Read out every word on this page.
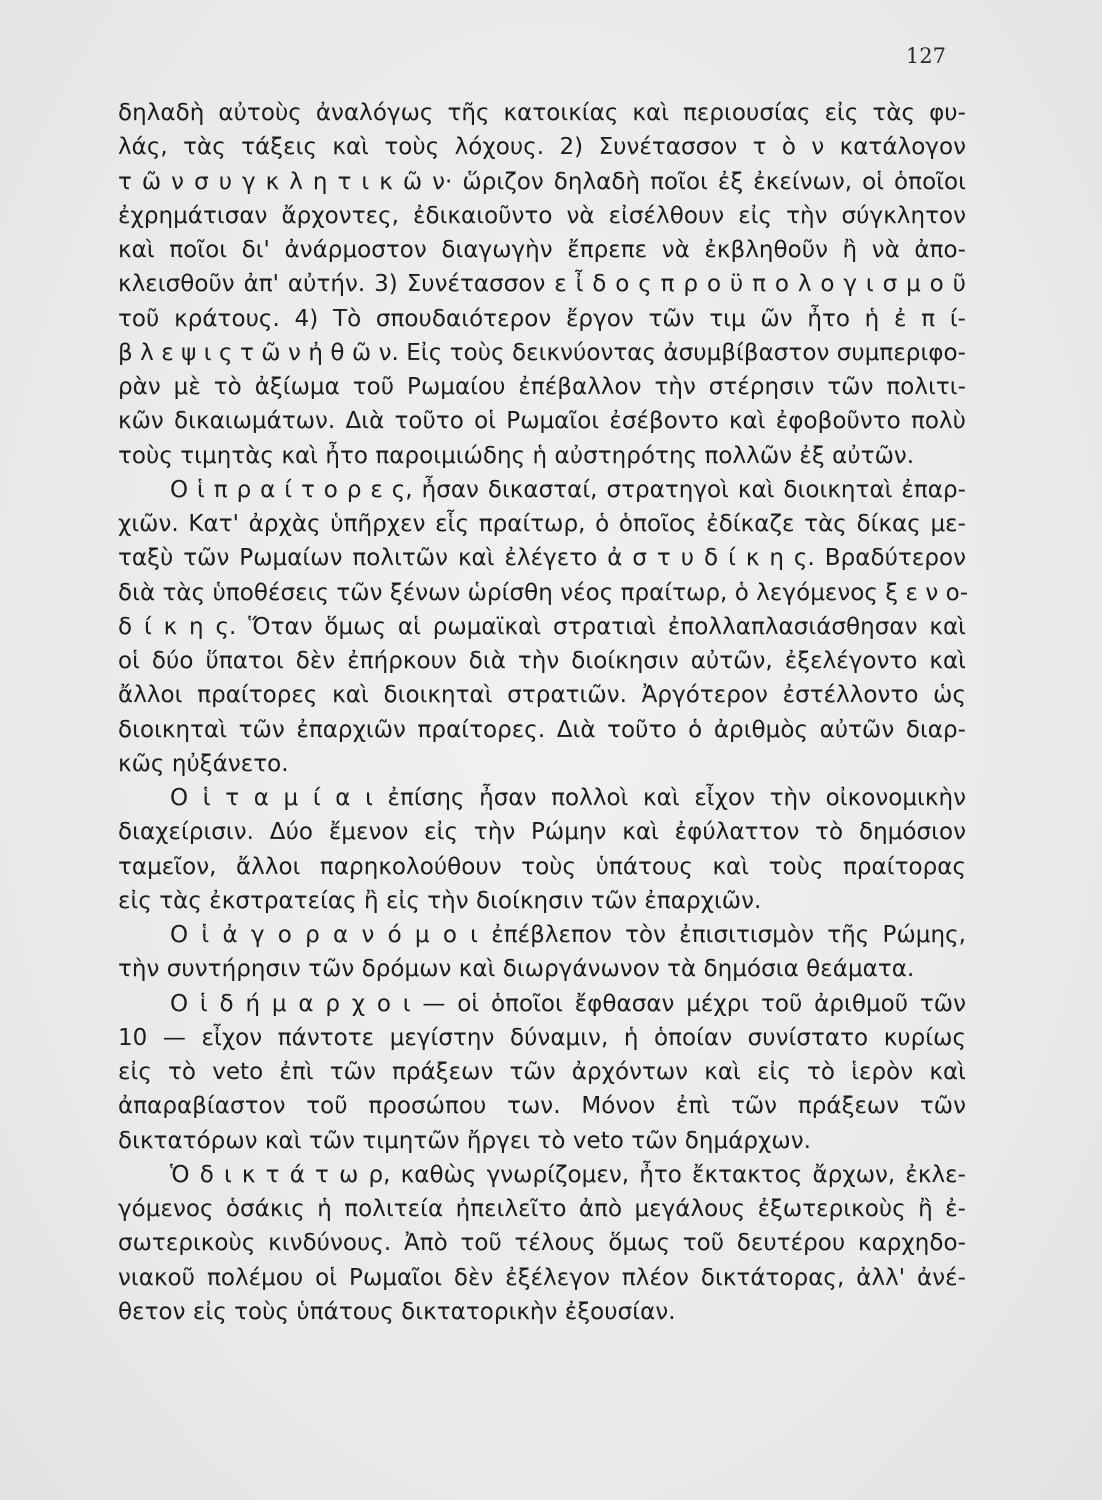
127
δηλαδὴ αὐτοὺς ἀναλόγως τῆς κατοικίας καὶ περιουσίας εἰς τὰς φυ-
λάς, τὰς τάξεις καὶ τοὺς λόχους. 2) Συνέτασσον τ ὸ ν κατάλογον
τ ῶ ν σ υ γ κ λ η τ ι κ ῶ ν· ὥριζον δηλαδὴ ποῖοι ἐξ ἐκείνων, οἱ ὁποῖοι
ἐχρημάτισαν ἄρχοντες, ἐδικαιοῦντο νὰ εἰσέλθουν εἰς τὴν σύγκλητον
καὶ ποῖοι δι' ἀνάρμοστον διαγωγὴν ἔπρεπε νὰ ἐκβληθοῦν ἢ νὰ ἀπο-
κλεισθοῦν ἀπ' αὐτήν. 3) Συνέτασσον ε ἶ δ ο ς π ρ ο ϋ π ο λ ο γ ι σ μ ο ῦ
τοῦ κράτους. 4) Τὸ σπουδαιότερον ἔργον τῶν τιμ ῶν ἦτο ἡ ἐ π ί-
β λ ε ψ ι ς τ ῶ ν ἠ θ ῶ ν. Εἰς τοὺς δεικνύοντας ἀσυμβίβαστον συμπεριφο-
ρὰν μὲ τὸ ἀξίωμα τοῦ Ρωμαίου ἐπέβαλλον τὴν στέρησιν τῶν πολιτι-
κῶν δικαιωμάτων. Διὰ τοῦτο οἱ Ρωμαῖοι ἐσέβοντο καὶ ἐφοβοῦντο πολὺ
τοὺς τιμητὰς καὶ ἦτο παροιμιώδης ἡ αὐστηρότης πολλῶν ἐξ αὐτῶν.
Ο ἱ π ρ α ί τ ο ρ ε ς, ἦσαν δικασταί, στρατηγοὶ καὶ διοικηταὶ ἐπαρ-
χιῶν. Κατ' ἀρχὰς ὑπῆρχεν εἷς πραίτωρ, ὁ ὁποῖος ἐδίκαζε τὰς δίκας με-
ταξὺ τῶν Ρωμαίων πολιτῶν καὶ ἐλέγετο ἀ σ τ υ δ ί κ η ς. Βραδύτερον
διὰ τὰς ὑποθέσεις τῶν ξένων ὡρίσθη νέος πραίτωρ, ὁ λεγόμενος ξ ε ν ο-
δ ί κ η ς. Ὅταν ὅμως αἱ ρωμαϊκαὶ στρατιαὶ ἐπολλαπλασιάσθησαν καὶ
οἱ δύο ὕπατοι δὲν ἐπήρκουν διὰ τὴν διοίκησιν αὐτῶν, ἐξελέγοντο καὶ
ἄλλοι πραίτορες καὶ διοικηταὶ στρατιῶν. Ἀργότερον ἐστέλλοντο ὡς
διοικηταὶ τῶν ἐπαρχιῶν πραίτορες. Διὰ τοῦτο ὁ ἀριθμὸς αὐτῶν διαρ-
κῶς ηὐξάνετο.
Ο ἱ τ α μ ί α ι ἐπίσης ἦσαν πολλοὶ καὶ εἶχον τὴν οἰκονομικὴν
διαχείρισιν. Δύο ἔμενον εἰς τὴν Ρώμην καὶ ἐφύλαττον τὸ δημόσιον
ταμεῖον, ἄλλοι παρηκολούθουν τοὺς ὑπάτους καὶ τοὺς πραίτορας
εἰς τὰς ἐκστρατείας ἢ εἰς τὴν διοίκησιν τῶν ἐπαρχιῶν.
Ο ἱ ἀ γ ο ρ α ν ό μ ο ι ἐπέβλεπον τὸν ἐπισιτισμὸν τῆς Ρώμης,
τὴν συντήρησιν τῶν δρόμων καὶ διωργάνωνον τὰ δημόσια θεάματα.
Ο ἱ δ ή μ α ρ χ ο ι — οἱ ὁποῖοι ἔφθασαν μέχρι τοῦ ἀριθμοῦ τῶν
10 — εἶχον πάντοτε μεγίστην δύναμιν, ἡ ὁποίαν συνίστατο κυρίως
εἰς τὸ veto ἐπὶ τῶν πράξεων τῶν ἀρχόντων καὶ εἰς τὸ ἱερὸν καὶ
ἀπαραβίαστον τοῦ προσώπου των. Μόνον ἐπὶ τῶν πράξεων τῶν
δικτατόρων καὶ τῶν τιμητῶν ἤργει τὸ veto τῶν δημάρχων.
Ὁ δ ι κ τ ά τ ω ρ, καθὼς γνωρίζομεν, ἦτο ἔκτακτος ἄρχων, ἐκλε-
γόμενος ὁσάκις ἡ πολιτεία ἠπειλεῖτο ἀπὸ μεγάλους ἐξωτερικοὺς ἢ ἐ-
σωτερικοὺς κινδύνους. Ἀπὸ τοῦ τέλους ὅμως τοῦ δευτέρου καρχηδο-
νιακοῦ πολέμου οἱ Ρωμαῖοι δὲν ἐξέλεγον πλέον δικτάτορας, ἀλλ' ἀνέ-
θετον εἰς τοὺς ὑπάτους δικτατορικὴν ἐξουσίαν.
